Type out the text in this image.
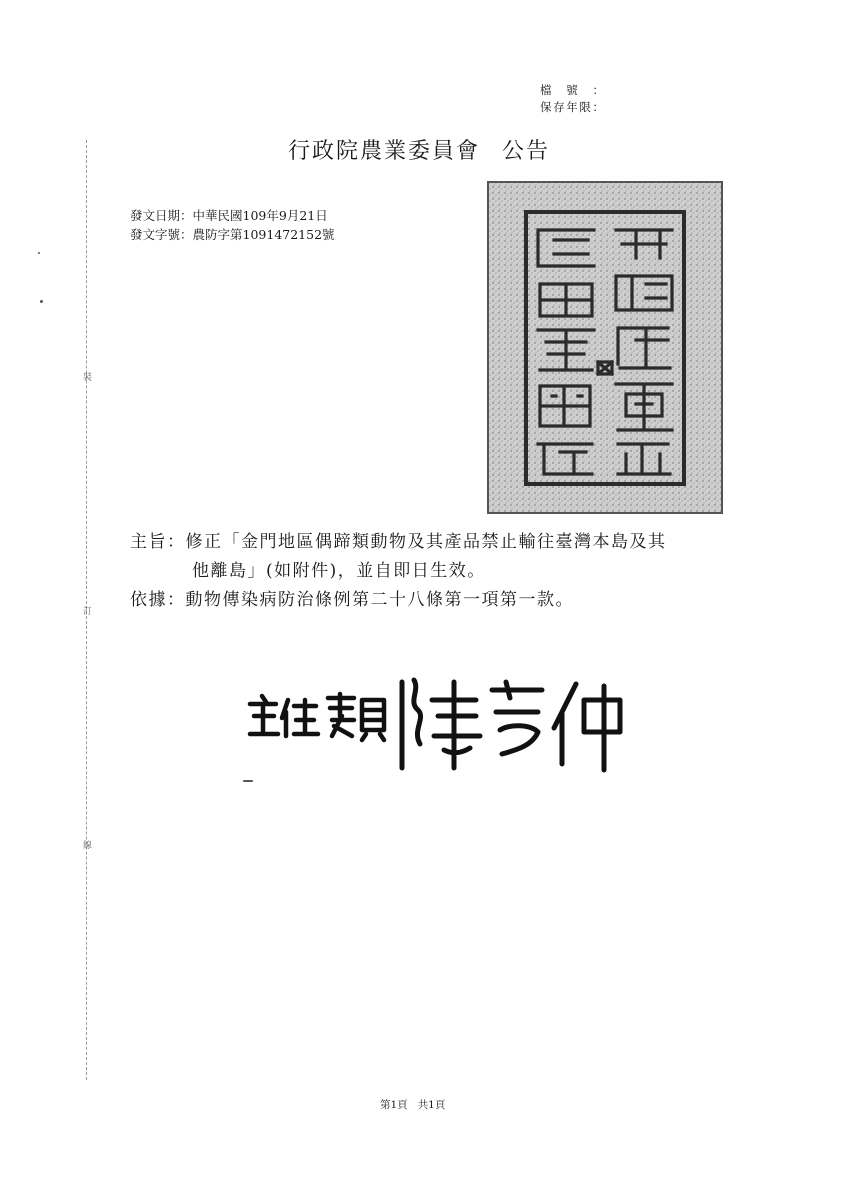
裝
訂
線
檔號：
保存年限：
行政院農業委員會 公告
發文日期：中華民國109年9月21日
發文字號：農防字第1091472152號
主旨： 修正「金門地區偶蹄類動物及其產品禁止輸往臺灣本島及其
他離島」(如附件)，並自即日生效。
依據： 動物傳染病防治條例第二十八條第一項第一款。
第1頁 共1頁
